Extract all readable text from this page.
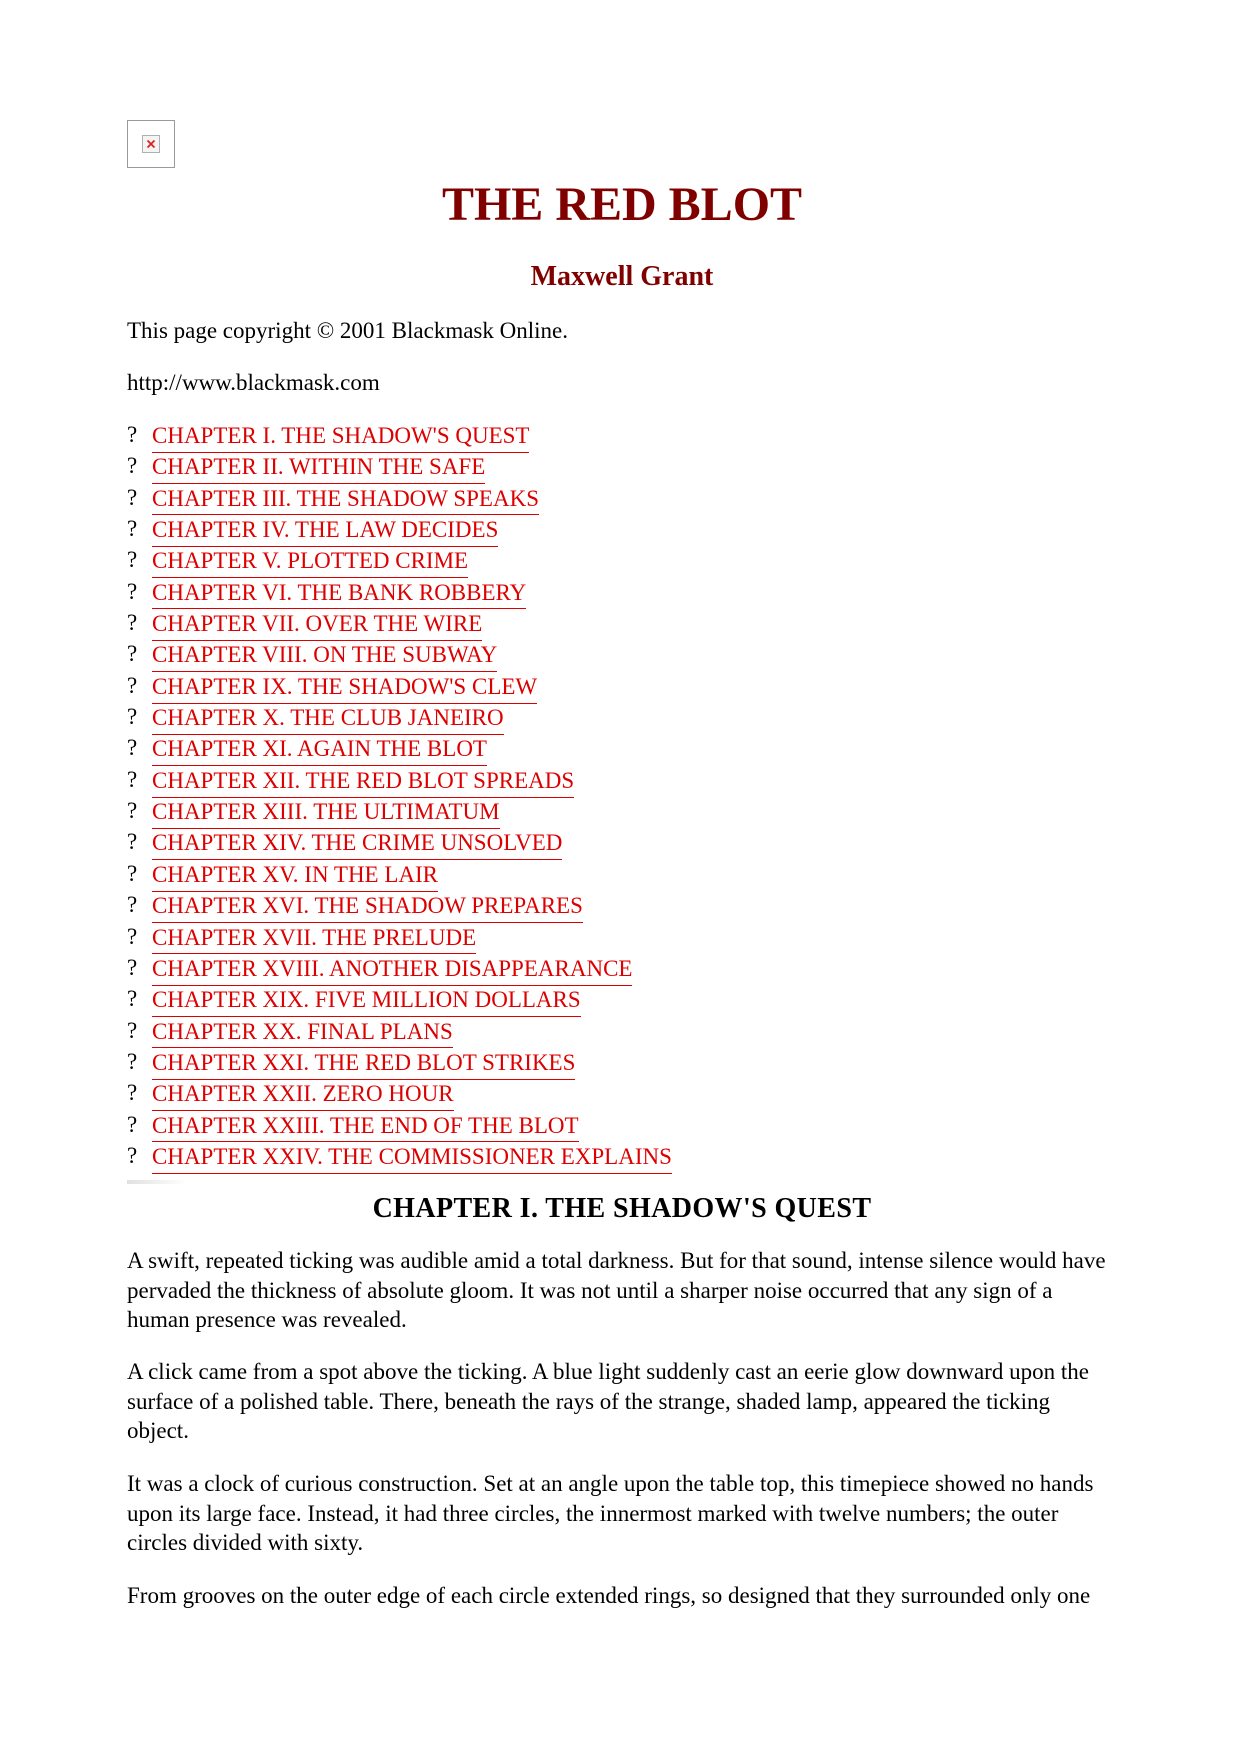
THE RED BLOT
Maxwell Grant

This page copyright © 2001 Blackmask Online.

http://www.blackmask.com

? CHAPTER I. THE SHADOW'S QUEST
? CHAPTER II. WITHIN THE SAFE
? CHAPTER III. THE SHADOW SPEAKS
? CHAPTER IV. THE LAW DECIDES
? CHAPTER V. PLOTTED CRIME
? CHAPTER VI. THE BANK ROBBERY
? CHAPTER VII. OVER THE WIRE
? CHAPTER VIII. ON THE SUBWAY
? CHAPTER IX. THE SHADOW'S CLEW
? CHAPTER X. THE CLUB JANEIRO
? CHAPTER XI. AGAIN THE BLOT
? CHAPTER XII. THE RED BLOT SPREADS
? CHAPTER XIII. THE ULTIMATUM
? CHAPTER XIV. THE CRIME UNSOLVED
? CHAPTER XV. IN THE LAIR
? CHAPTER XVI. THE SHADOW PREPARES
? CHAPTER XVII. THE PRELUDE
? CHAPTER XVIII. ANOTHER DISAPPEARANCE
? CHAPTER XIX. FIVE MILLION DOLLARS
? CHAPTER XX. FINAL PLANS
? CHAPTER XXI. THE RED BLOT STRIKES
? CHAPTER XXII. ZERO HOUR
? CHAPTER XXIII. THE END OF THE BLOT
? CHAPTER XXIV. THE COMMISSIONER EXPLAINS
CHAPTER I. THE SHADOW'S QUEST

A swift, repeated ticking was audible amid a total darkness. But for that sound, intense silence would have pervaded the thickness of absolute gloom. It was not until a sharper noise occurred that any sign of a human presence was revealed.

A click came from a spot above the ticking. A blue light suddenly cast an eerie glow downward upon the surface of a polished table. There, beneath the rays of the strange, shaded lamp, appeared the ticking object.

It was a clock of curious construction. Set at an angle upon the table top, this timepiece showed no hands upon its large face. Instead, it had three circles, the innermost marked with twelve numbers; the outer circles divided with sixty.

From grooves on the outer edge of each circle extended rings, so designed that they surrounded only one
